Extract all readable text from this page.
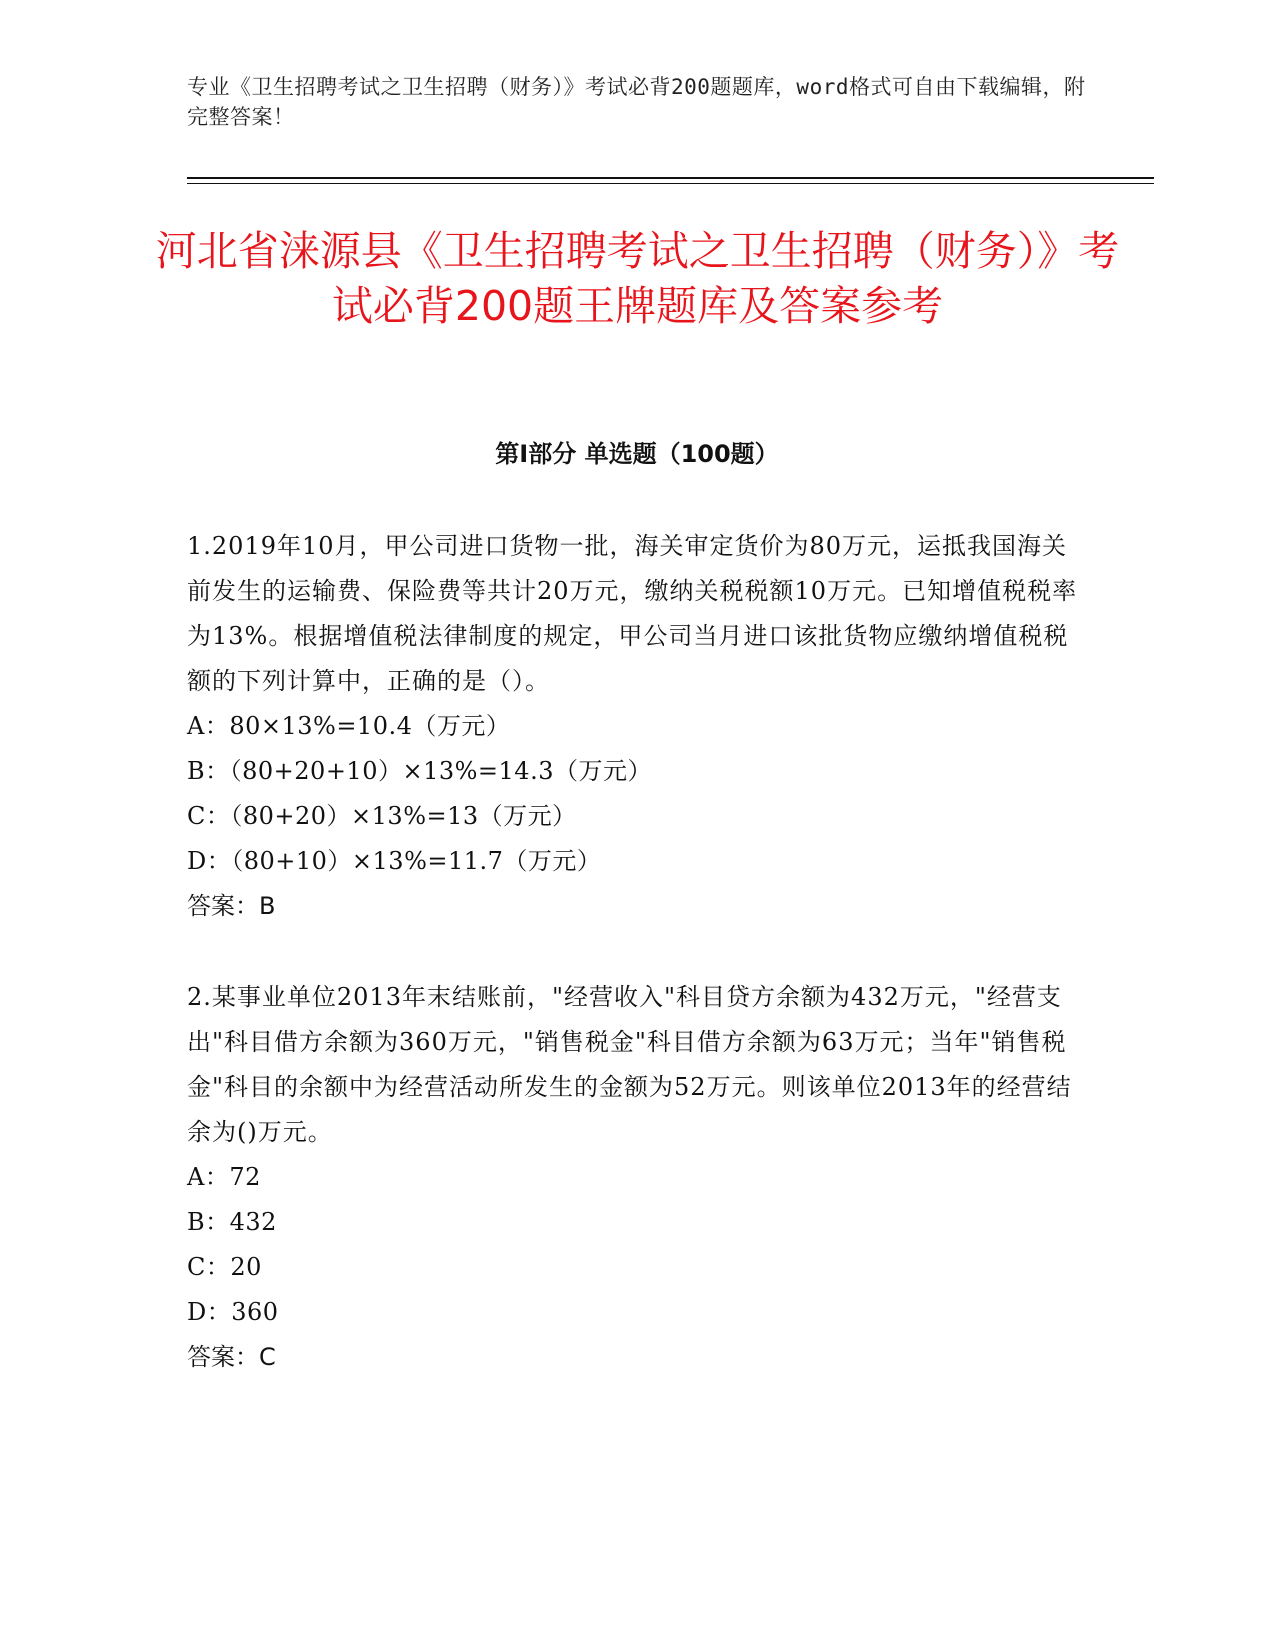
专业《卫生招聘考试之卫生招聘（财务）》考试必背200题题库，word格式可自由下载编辑，附完整答案！

河北省涞源县《卫生招聘考试之卫生招聘（财务）》考试必背200题王牌题库及答案参考
第I部分 单选题（100题）

1.2019年10月，甲公司进口货物一批，海关审定货价为80万元，运抵我国海关前发生的运输费、保险费等共计20万元，缴纳关税税额10万元。已知增值税税率为13%。根据增值税法律制度的规定，甲公司当月进口该批货物应缴纳增值税税额的下列计算中，正确的是（）。

A：80×13%=10.4（万元）

B：（80+20+10）×13%=14.3（万元）

C：（80+20）×13%=13（万元）

D：（80+10）×13%=11.7（万元）

答案：B

2.某事业单位2013年末结账前，"经营收入"科目贷方余额为432万元，"经营支出"科目借方余额为360万元，"销售税金"科目借方余额为63万元；当年"销售税金"科目的余额中为经营活动所发生的金额为52万元。则该单位2013年的经营结余为()万元。

A：72

B：432

C：20

D：360

答案：C
